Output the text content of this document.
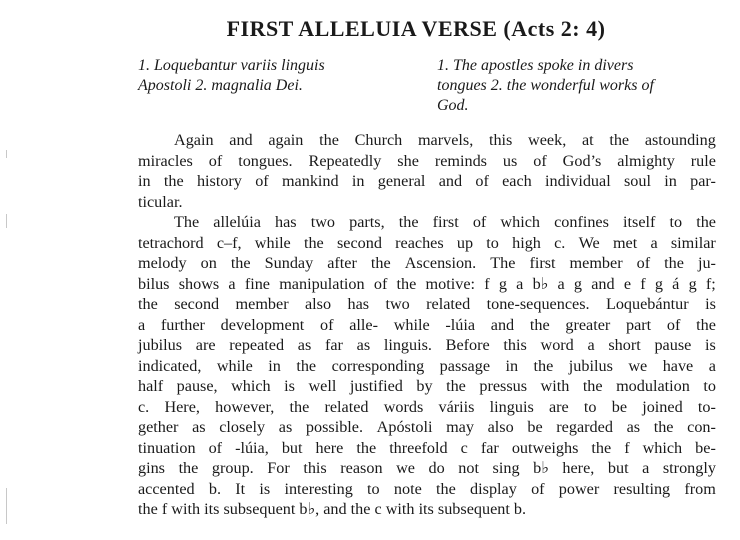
FIRST ALLELUIA VERSE (Acts 2: 4)
1. Loquebantur variis linguis
Apostoli 2. magnalia Dei.
1. The apostles spoke in divers
tongues 2. the wonderful works of
God.
Again and again the Church marvels, this week, at the astounding
miracles of tongues. Repeatedly she reminds us of God’s almighty rule
in the history of mankind in general and of each individual soul in par-
ticular.
The allelúia has two parts, the first of which confines itself to the
tetrachord c–f, while the second reaches up to high c. We met a similar
melody on the Sunday after the Ascension. The first member of the ju-
bilus shows a fine manipulation of the motive: f g a b♭ a g and e f g á g f;
the second member also has two related tone-sequences. Loquebántur is
a further development of alle- while -lúia and the greater part of the
jubilus are repeated as far as linguis. Before this word a short pause is
indicated, while in the corresponding passage in the jubilus we have a
half pause, which is well justified by the pressus with the modulation to
c. Here, however, the related words váriis linguis are to be joined to-
gether as closely as possible. Apóstoli may also be regarded as the con-
tinuation of -lúia, but here the threefold c far outweighs the f which be-
gins the group. For this reason we do not sing b♭ here, but a strongly
accented b. It is interesting to note the display of power resulting from
the f with its subsequent b♭, and the c with its subsequent b.
